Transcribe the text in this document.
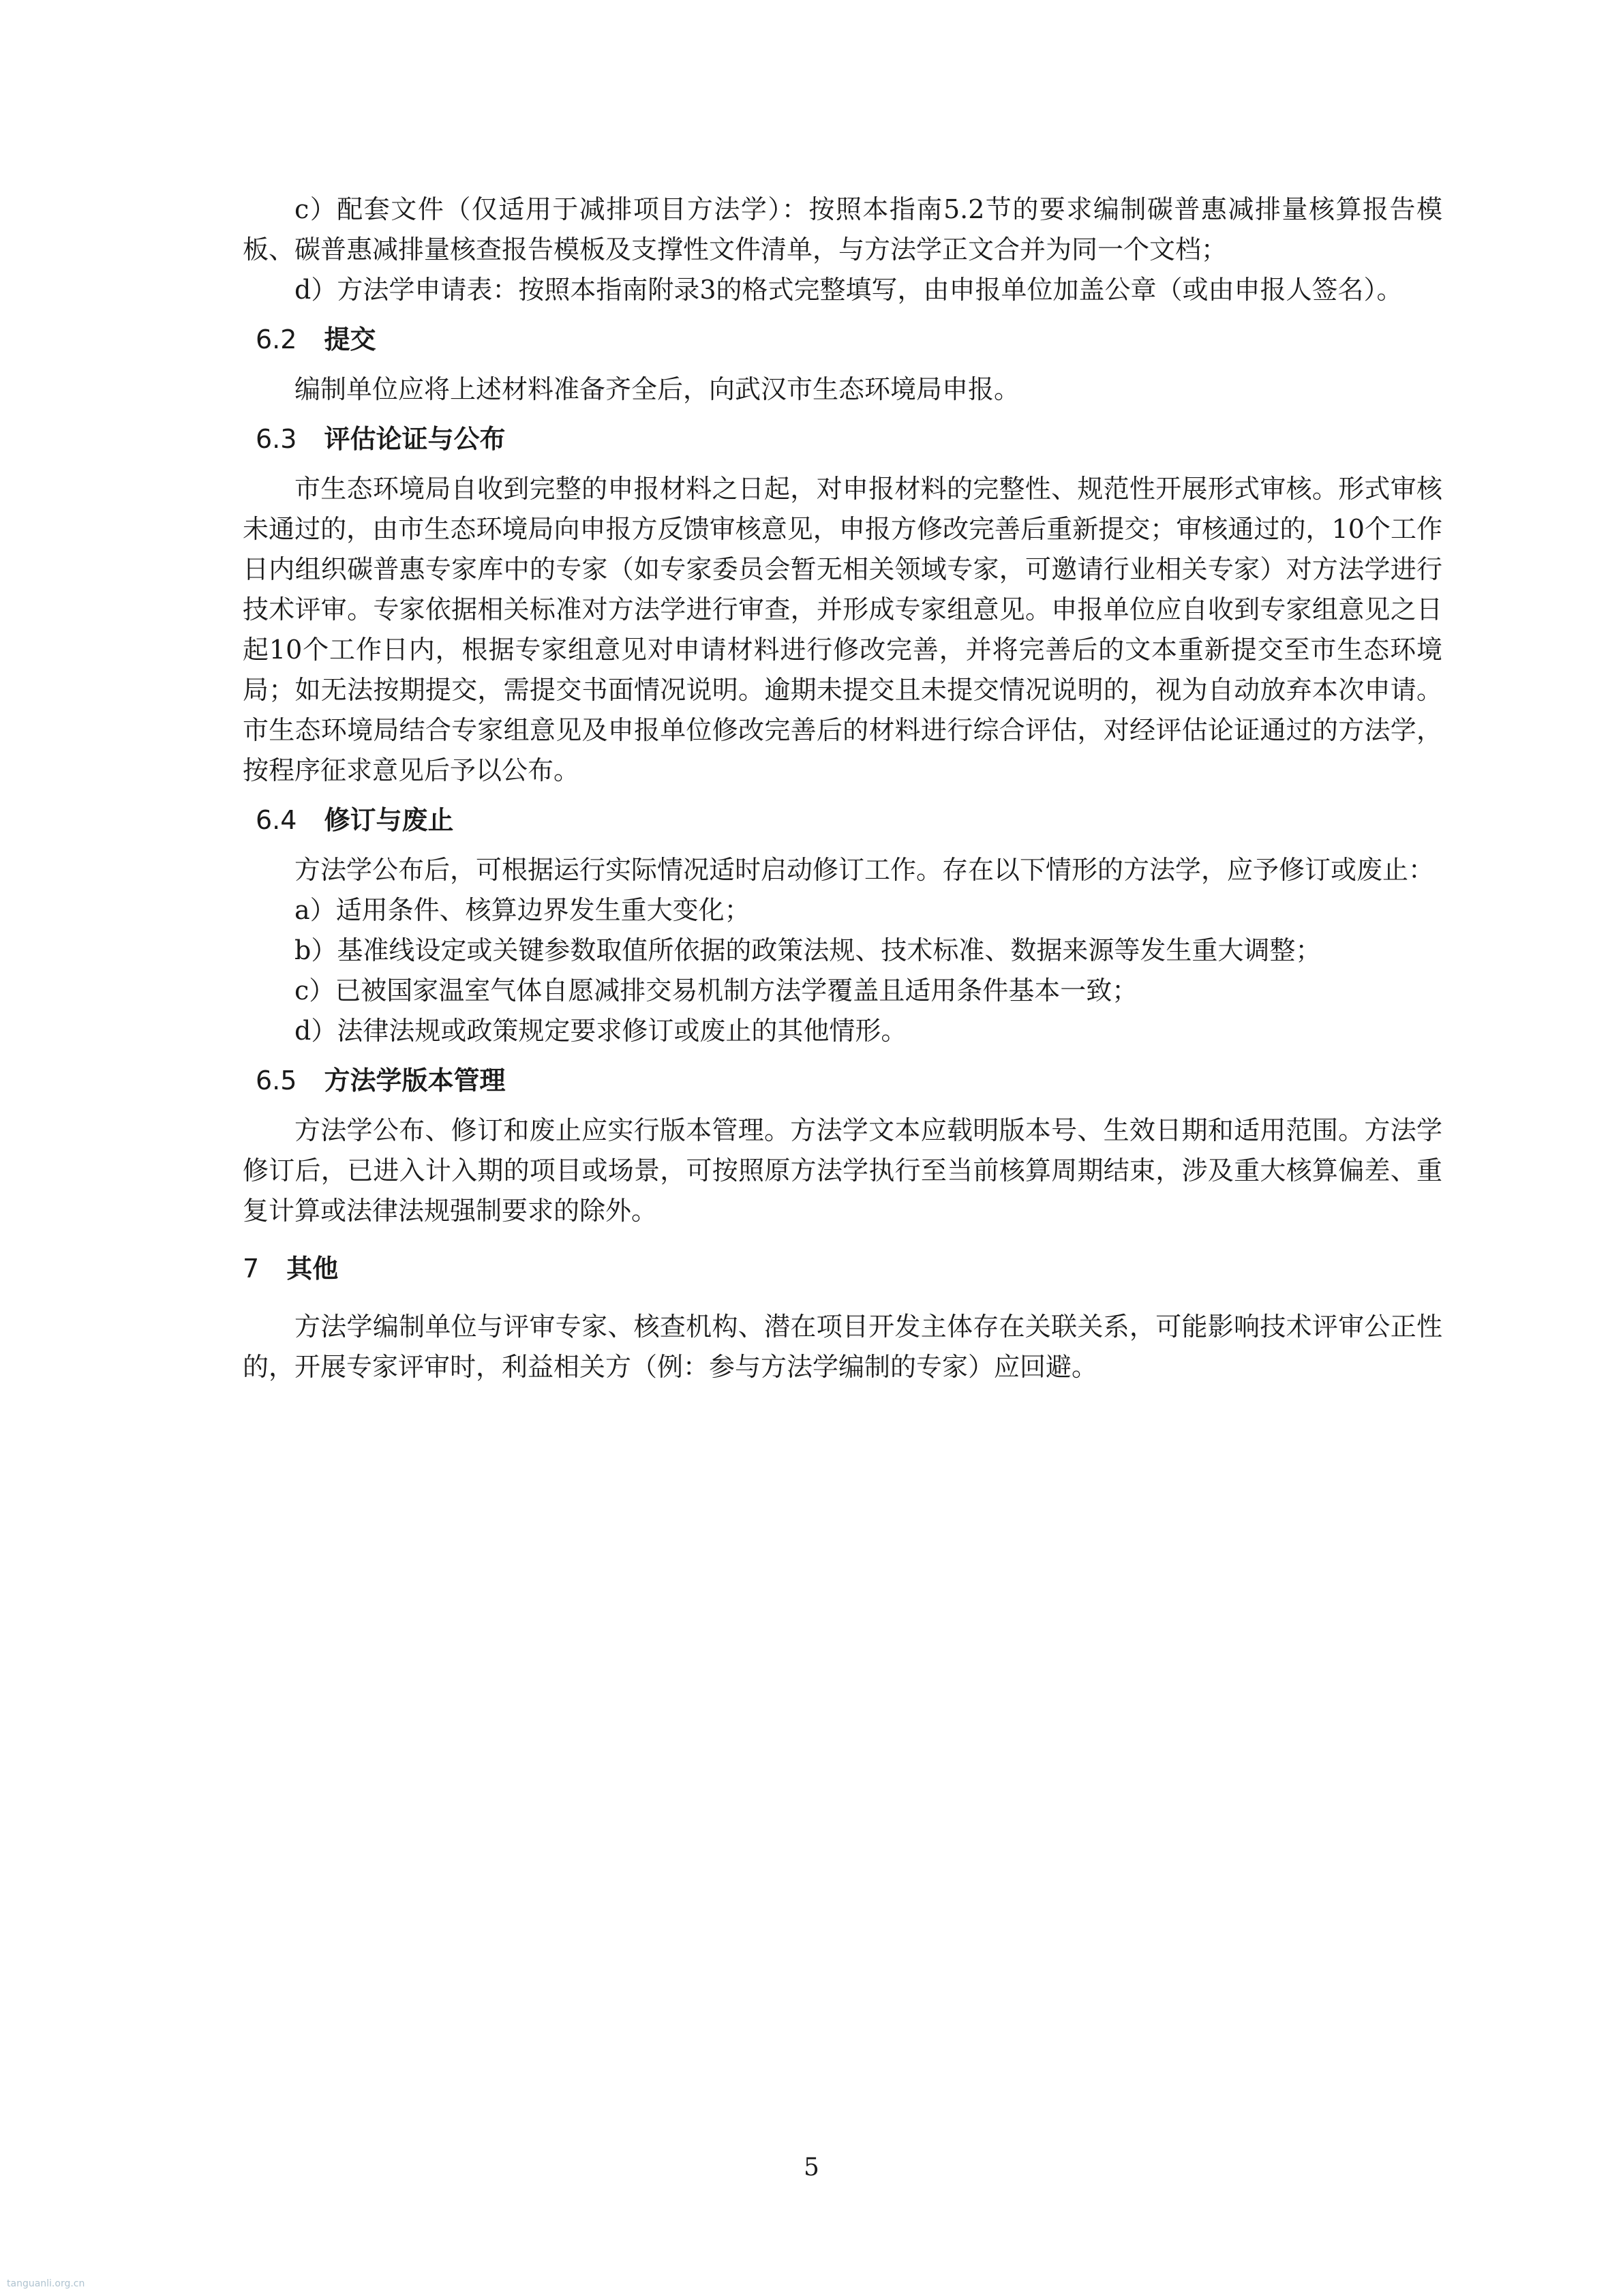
c）配套文件（仅适用于减排项目方法学）：按照本指南5.2节的要求编制碳普惠减排量核算报告模板、碳普惠减排量核查报告模板及支撑性文件清单，与方法学正文合并为同一个文档；

d）方法学申请表：按照本指南附录3的格式完整填写，由申报单位加盖公章（或由申报人签名）。

6.2 提交

编制单位应将上述材料准备齐全后，向武汉市生态环境局申报。

6.3 评估论证与公布

市生态环境局自收到完整的申报材料之日起，对申报材料的完整性、规范性开展形式审核。形式审核未通过的，由市生态环境局向申报方反馈审核意见，申报方修改完善后重新提交；审核通过的，10个工作日内组织碳普惠专家库中的专家（如专家委员会暂无相关领域专家，可邀请行业相关专家）对方法学进行技术评审。专家依据相关标准对方法学进行审查，并形成专家组意见。申报单位应自收到专家组意见之日起10个工作日内，根据专家组意见对申请材料进行修改完善，并将完善后的文本重新提交至市生态环境局；如无法按期提交，需提交书面情况说明。逾期未提交且未提交情况说明的，视为自动放弃本次申请。市生态环境局结合专家组意见及申报单位修改完善后的材料进行综合评估，对经评估论证通过的方法学，按程序征求意见后予以公布。

6.4 修订与废止

方法学公布后，可根据运行实际情况适时启动修订工作。存在以下情形的方法学，应予修订或废止：

a）适用条件、核算边界发生重大变化；

b）基准线设定或关键参数取值所依据的政策法规、技术标准、数据来源等发生重大调整；

c）已被国家温室气体自愿减排交易机制方法学覆盖且适用条件基本一致；

d）法律法规或政策规定要求修订或废止的其他情形。

6.5 方法学版本管理

方法学公布、修订和废止应实行版本管理。方法学文本应载明版本号、生效日期和适用范围。方法学修订后，已进入计入期的项目或场景，可按照原方法学执行至当前核算周期结束，涉及重大核算偏差、重复计算或法律法规强制要求的除外。

7 其他

方法学编制单位与评审专家、核查机构、潜在项目开发主体存在关联关系，可能影响技术评审公正性的，开展专家评审时，利益相关方（例：参与方法学编制的专家）应回避。

5
tanguanli.org.cn
